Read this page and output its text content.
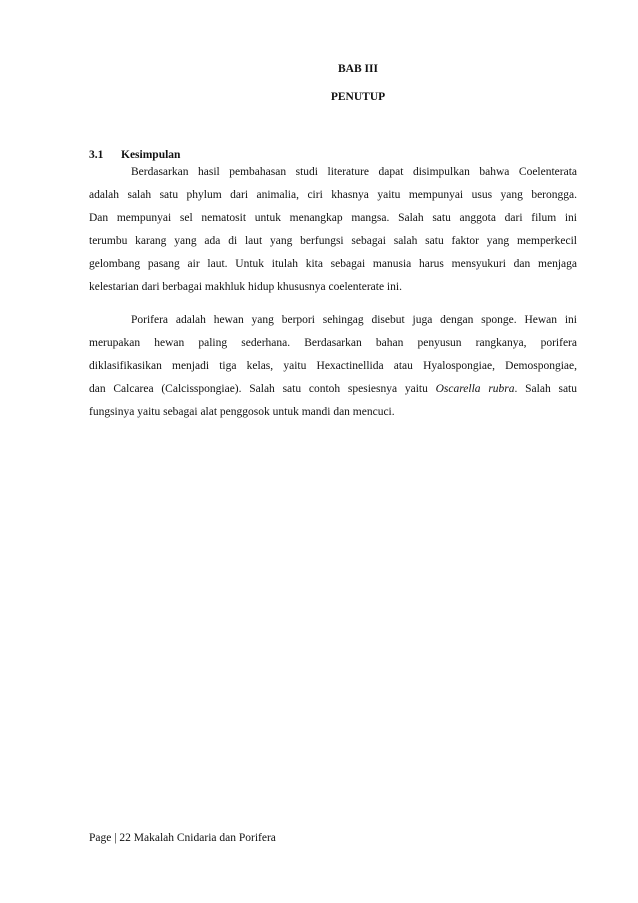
BAB III
PENUTUP
3.1 Kesimpulan
Berdasarkan hasil pembahasan studi literature dapat disimpulkan bahwa Coelenterata
adalah salah satu phylum dari animalia, ciri khasnya yaitu mempunyai usus yang berongga.
Dan mempunyai sel nematosit untuk menangkap mangsa. Salah satu anggota dari filum ini
terumbu karang yang ada di laut yang berfungsi sebagai salah satu faktor yang memperkecil
gelombang pasang air laut. Untuk itulah kita sebagai manusia harus mensyukuri dan menjaga
kelestarian dari berbagai makhluk hidup khususnya coelenterate ini.
Porifera adalah hewan yang berpori sehingag disebut juga dengan sponge. Hewan ini
merupakan hewan paling sederhana. Berdasarkan bahan penyusun rangkanya, porifera
diklasifikasikan menjadi tiga kelas, yaitu Hexactinellida atau Hyalospongiae, Demospongiae,
dan Calcarea (Calcisspongiae). Salah satu contoh spesiesnya yaitu Oscarella rubra. Salah satu
fungsinya yaitu sebagai alat penggosok untuk mandi dan mencuci.
Page | 22 Makalah Cnidaria dan Porifera
